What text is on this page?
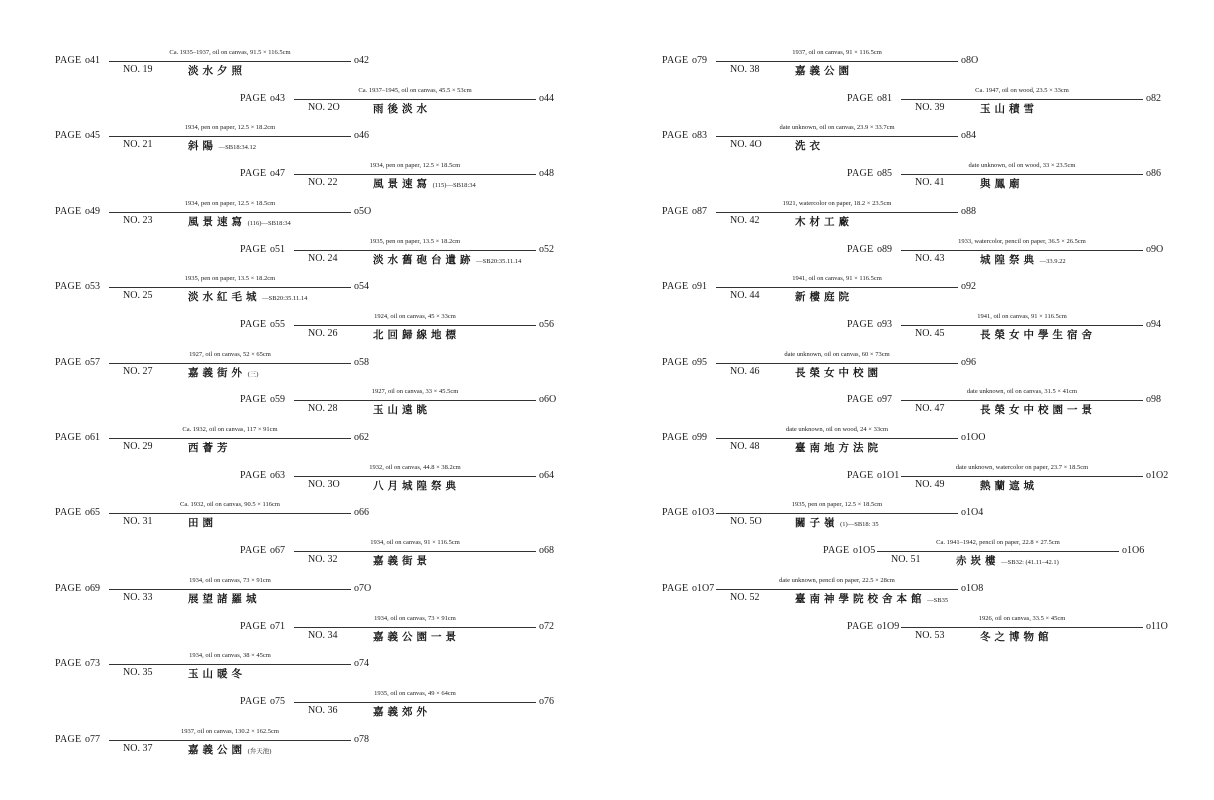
PAGE o41
Ca. 1935–1937, oil on canvas, 91.5 × 116.5cm
o42
NO. 19	淡水夕照
PAGE o43
Ca. 1937–1945, oil on canvas, 45.5 × 53cm
o44
NO. 2O	雨後淡水
PAGE o45
1934, pen on paper, 12.5 × 18.2cm
o46
NO. 21	斜陽 —SB18:34.12
PAGE o47
1934, pen on paper, 12.5 × 18.5cm
o48
NO. 22	風景速寫 (115)—SB18:34
PAGE o49
1934, pen on paper, 12.5 × 18.5cm
o5O
NO. 23	風景速寫 (116)—SB18:34
PAGE o51
1935, pen on paper, 13.5 × 18.2cm
o52
NO. 24	淡水舊砲台遺跡 —SB20:35.11.14
PAGE o53
1935, pen on paper, 13.5 × 18.2cm
o54
NO. 25	淡水紅毛城 —SB20:35.11.14
PAGE o55
1924, oil on canvas, 45 × 33cm
o56
NO. 26	北回歸線地標
PAGE o57
1927, oil on canvas, 52 × 65cm
o58
NO. 27	嘉義街外 (三)
PAGE o59
1927, oil on canvas, 33 × 45.5cm
o6O
NO. 28	玉山遠眺
PAGE o61
Ca. 1932, oil on canvas, 117 × 91cm
o62
NO. 29	西薈芳
PAGE o63
1932, oil on canvas, 44.8 × 38.2cm
o64
NO. 3O	八月城隍祭典
PAGE o65
Ca. 1932, oil on canvas, 90.5 × 116cm
o66
NO. 31	田園
PAGE o67
1934, oil on canvas, 91 × 116.5cm
o68
NO. 32	嘉義街景
PAGE o69
1934, oil on canvas, 73 × 91cm
o7O
NO. 33	展望諸羅城
PAGE o71
1934, oil on canvas, 73 × 91cm
o72
NO. 34	嘉義公園一景
PAGE o73
1934, oil on canvas, 38 × 45cm
o74
NO. 35	玉山暖冬
PAGE o75
1935, oil on canvas, 49 × 64cm
o76
NO. 36	嘉義郊外
PAGE o77
1937, oil on canvas, 130.2 × 162.5cm
o78
NO. 37	嘉義公園 (弁天池)
PAGE o79
1937, oil on canvas, 91 × 116.5cm
o8O
NO. 38	嘉義公園
PAGE o81
Ca. 1947, oil on wood, 23.5 × 33cm
o82
NO. 39	玉山積雪
PAGE o83
date unknown, oil on canvas, 23.9 × 33.7cm
o84
NO. 4O	洗衣
PAGE o85
date unknown, oil on wood, 33 × 23.5cm
o86
NO. 41	與鳳廟
PAGE o87
1921, watercolor on paper, 18.2 × 23.5cm
o88
NO. 42	木材工廠
PAGE o89
1933, watercolor, pencil on paper, 36.5 × 26.5cm
o9O
NO. 43	城隍祭典 —33.9.22
PAGE o91
1941, oil on canvas, 91 × 116.5cm
o92
NO. 44	新樓庭院
PAGE o93
1941, oil on canvas, 91 × 116.5cm
o94
NO. 45	長榮女中學生宿舍
PAGE o95
date unknown, oil on canvas, 60 × 73cm
o96
NO. 46	長榮女中校園
PAGE o97
date unknown, oil on canvas, 31.5 × 41cm
o98
NO. 47	長榮女中校園一景
PAGE o99
date unknown, oil on wood, 24 × 33cm
o1OO
NO. 48	臺南地方法院
PAGE o1O1
date unknown, watercolor on paper, 23.7 × 18.5cm
o1O2
NO. 49	熱蘭遮城
PAGE o1O3
1935, pen on paper, 12.5 × 18.5cm
o1O4
NO. 5O	關子嶺 (1)—SB18: 35
PAGE o1O5
Ca. 1941–1942, pencil on paper, 22.8 × 27.5cm
o1O6
NO. 51	赤崁樓 —SB32: (41.11–42.1)
PAGE o1O7
date unknown, pencil on paper, 22.5 × 28cm
o1O8
NO. 52	臺南神學院校舍本館 —SB35
PAGE o1O9
1926, oil on canvas, 33.5 × 45cm
o11O
NO. 53	冬之博物館
